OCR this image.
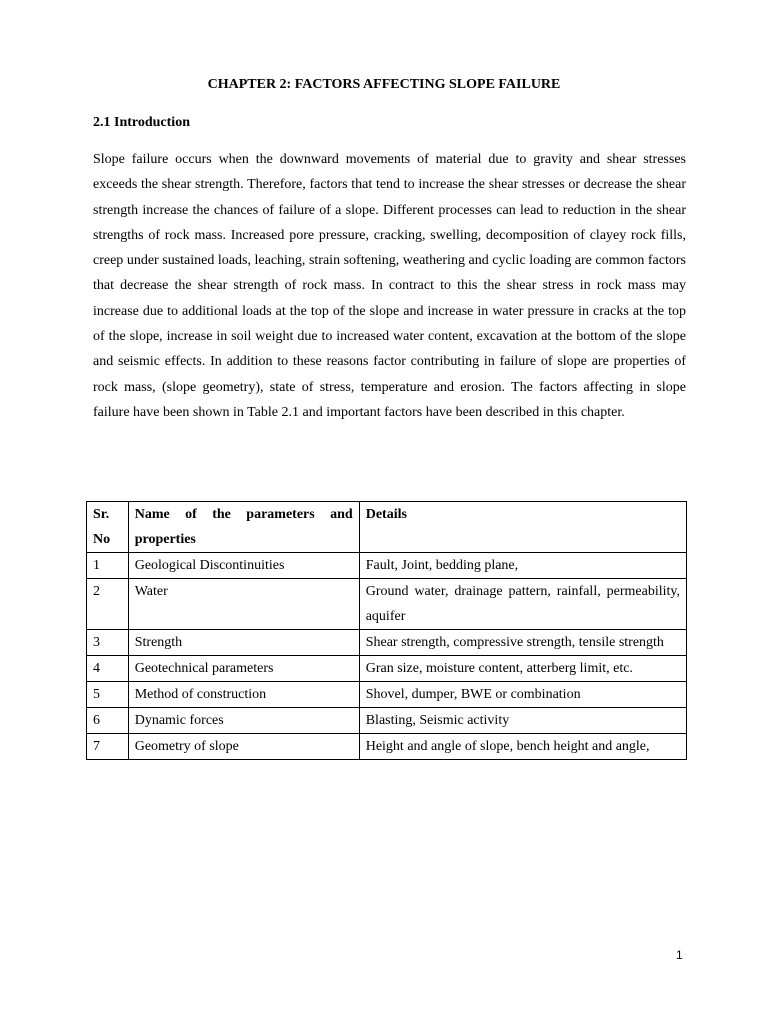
CHAPTER 2: FACTORS AFFECTING SLOPE FAILURE
2.1 Introduction

Slope failure occurs when the downward movements of material due to gravity and shear stresses exceeds the shear strength. Therefore, factors that tend to increase the shear stresses or decrease the shear strength increase the chances of failure of a slope. Different processes can lead to reduction in the shear strengths of rock mass. Increased pore pressure, cracking, swelling, decomposition of clayey rock fills, creep under sustained loads, leaching, strain softening, weathering and cyclic loading are common factors that decrease the shear strength of rock mass. In contract to this the shear stress in rock mass may increase due to additional loads at the top of the slope and increase in water pressure in cracks at the top of the slope, increase in soil weight due to increased water content, excavation at the bottom of the slope and seismic effects. In addition to these reasons factor contributing in failure of slope are properties of rock mass, (slope geometry), state of stress, temperature and erosion. The factors affecting in slope failure have been shown in Table 2.1 and important factors have been described in this chapter.

Sr. No	Name of the parameters and properties	Details
1	Geological Discontinuities	Fault, Joint, bedding plane,
2	Water	Ground water, drainage pattern, rainfall, permeability, aquifer
3	Strength	Shear strength, compressive strength, tensile strength
4	Geotechnical parameters	Gran size, moisture content, atterberg limit, etc.
5	Method of construction	Shovel, dumper, BWE or combination
6	Dynamic forces	Blasting, Seismic activity
7	Geometry of slope	Height and angle of slope, bench height and angle,
1
